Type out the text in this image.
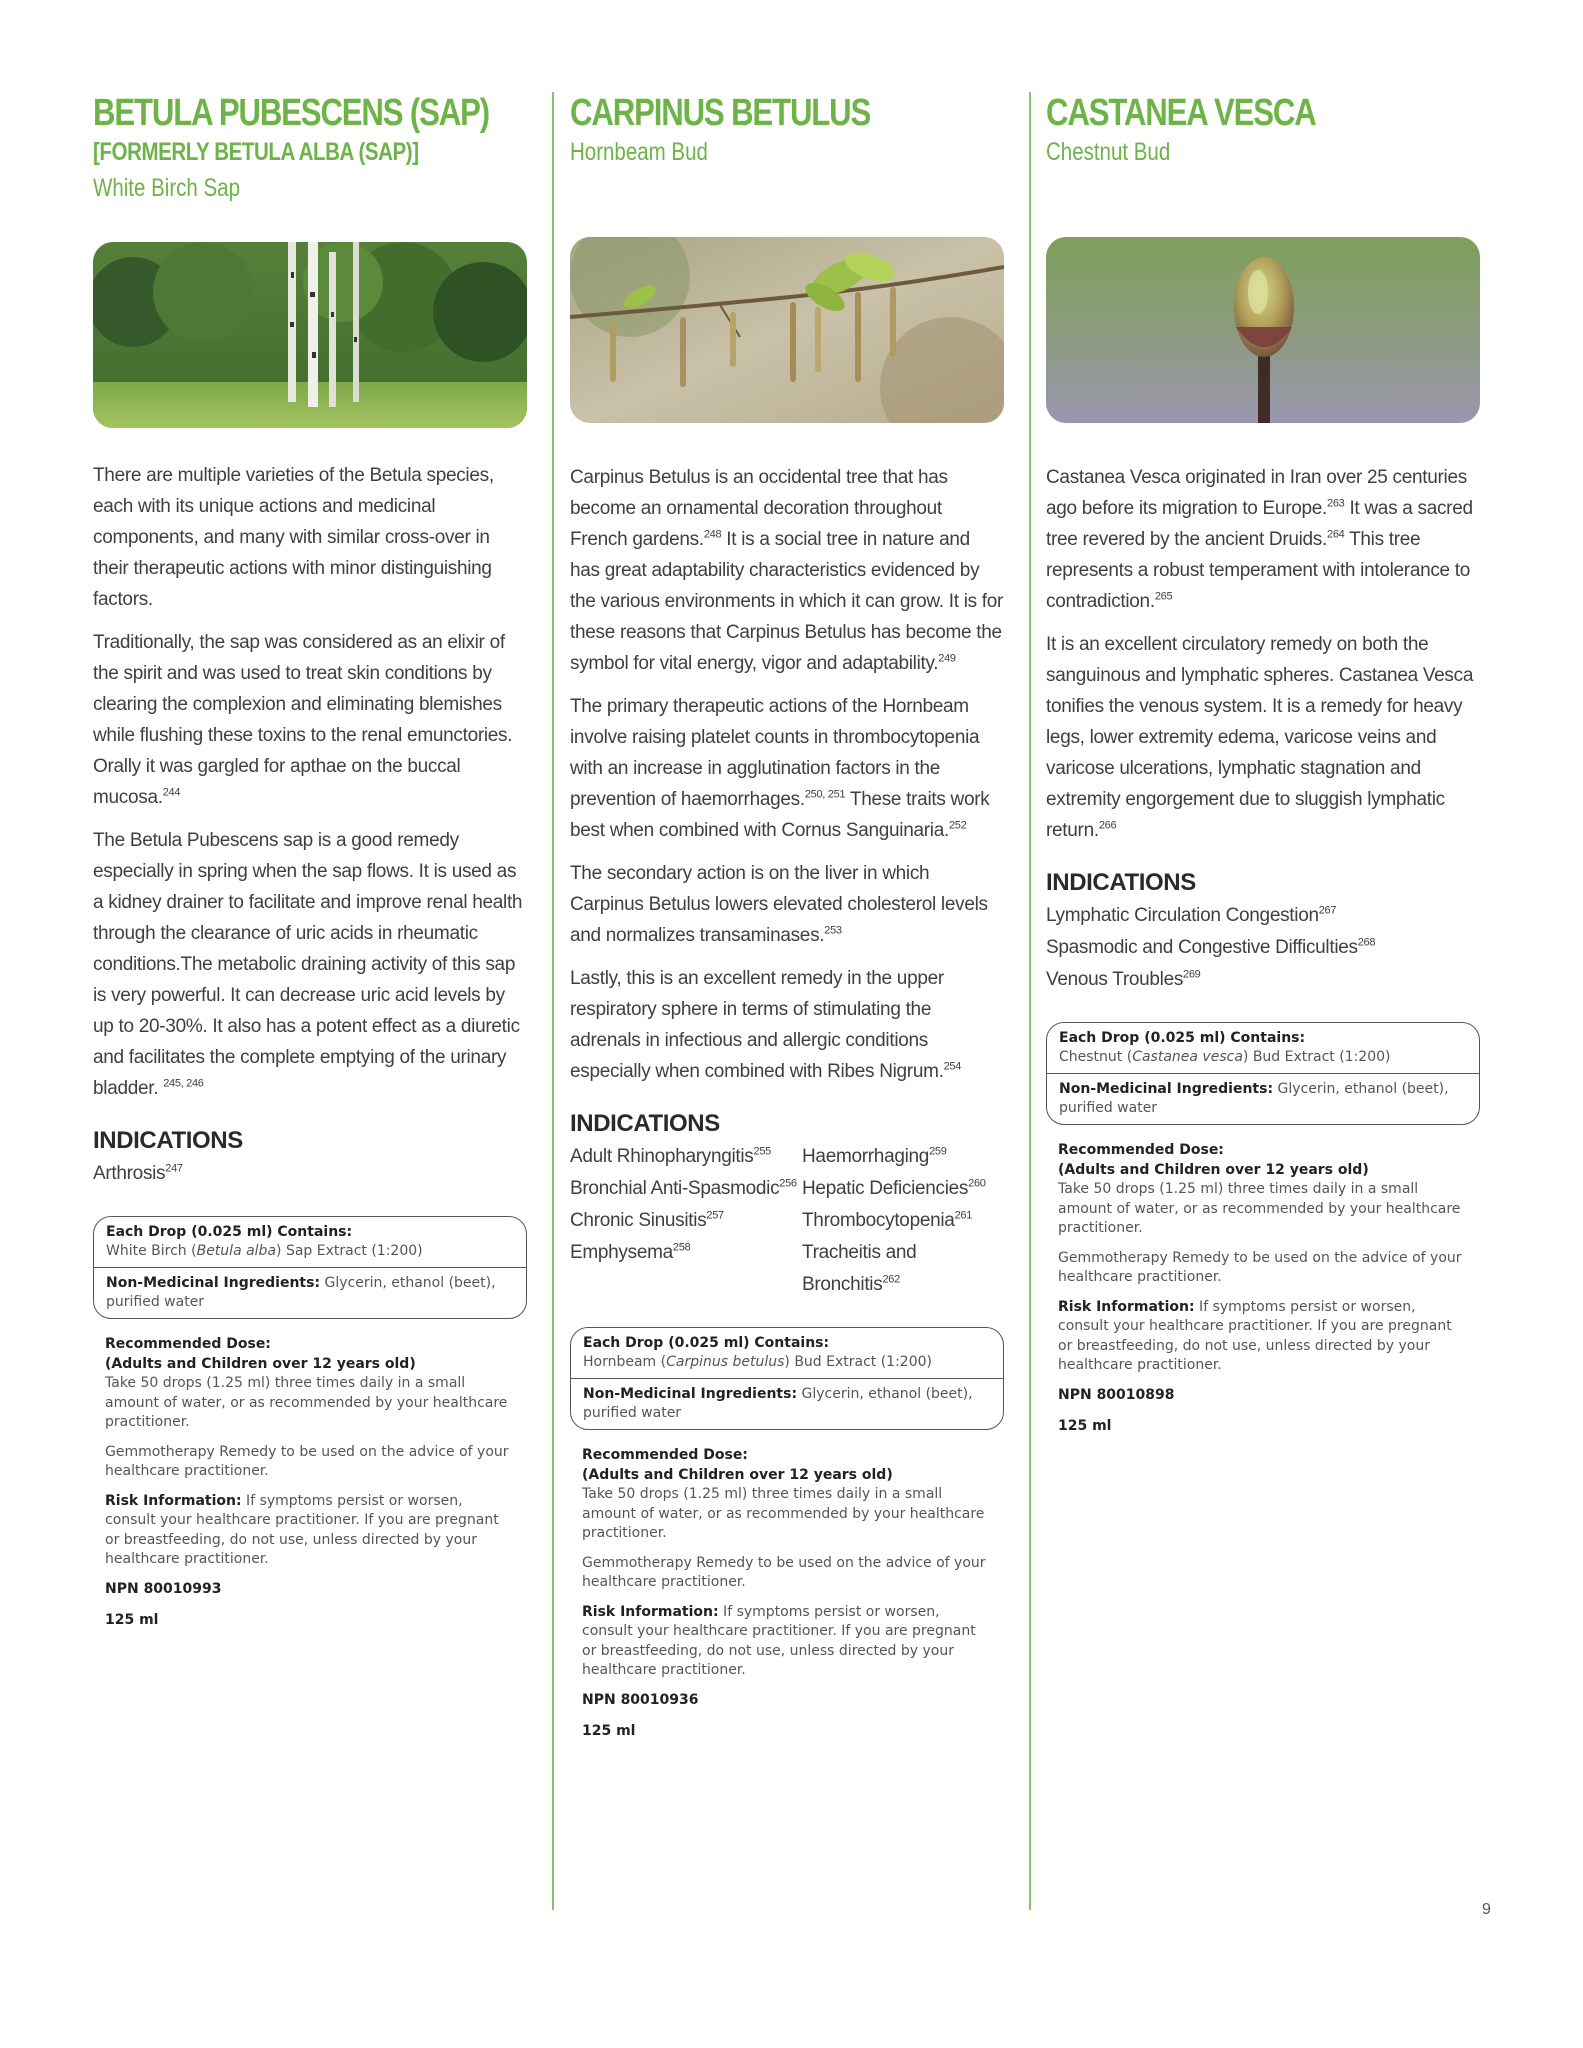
BETULA PUBESCENS (SAP)
[FORMERLY BETULA ALBA (SAP)]
White Birch Sap

There are multiple varieties of the Betula species, each with its unique actions and medicinal components, and many with similar cross-over in their therapeutic actions with minor distinguishing factors.

Traditionally, the sap was considered as an elixir of the spirit and was used to treat skin conditions by clearing the complexion and eliminating blemishes while flushing these toxins to the renal emunctories. Orally it was gargled for apthae on the buccal mucosa.$^{244}$

The Betula Pubescens sap is a good remedy especially in spring when the sap flows. It is used as a kidney drainer to facilitate and improve renal health through the clearance of uric acids in rheumatic conditions.The metabolic draining activity of this sap is very powerful. It can decrease uric acid levels by up to 20-30%. It also has a potent effect as a diuretic and facilitates the complete emptying of the urinary bladder. $^{245, 246}$

INDICATIONS
Arthrosis$^{247}$
Each Drop (0.025 ml) Contains:
White Birch (Betula alba) Sap Extract (1:200)
Non-Medicinal Ingredients: Glycerin, ethanol (beet), purified water

Recommended Dose:
(Adults and Children over 12 years old)
Take 50 drops (1.25 ml) three times daily in a small amount of water, or as recommended by your healthcare practitioner.

Gemmotherapy Remedy to be used on the advice of your healthcare practitioner.

Risk Information: If symptoms persist or worsen, consult your healthcare practitioner. If you are pregnant or breastfeeding, do not use, unless directed by your healthcare practitioner.

NPN 80010993

125 ml

CARPINUS BETULUS
Hornbeam Bud

Carpinus Betulus is an occidental tree that has become an ornamental decoration throughout French gardens.$^{248}$ It is a social tree in nature and has great adaptability characteristics evidenced by the various environments in which it can grow. It is for these reasons that Carpinus Betulus has become the symbol for vital energy, vigor and adaptability.$^{249}$

The primary therapeutic actions of the Hornbeam involve raising platelet counts in thrombocytopenia with an increase in agglutination factors in the prevention of haemorrhages.$^{250, 251}$ These traits work best when combined with Cornus Sanguinaria.$^{252}$

The secondary action is on the liver in which Carpinus Betulus lowers elevated cholesterol levels and normalizes transaminases.$^{253}$

Lastly, this is an excellent remedy in the upper respiratory sphere in terms of stimulating the adrenals in infectious and allergic conditions especially when combined with Ribes Nigrum.$^{254}$

INDICATIONS
Adult Rhinopharyngitis$^{255}$	Haemorrhaging$^{259}$
Bronchial Anti-Spasmodic$^{256}$ Hepatic Deficiencies$^{260}$
Chronic Sinusitis$^{257}$	Thrombocytopenia$^{261}$
Emphysema$^{258}$	Tracheitis and Bronchitis$^{262}$
Each Drop (0.025 ml) Contains:
Hornbeam (Carpinus betulus) Bud Extract (1:200)
Non-Medicinal Ingredients: Glycerin, ethanol (beet), purified water

Recommended Dose:
(Adults and Children over 12 years old)
Take 50 drops (1.25 ml) three times daily in a small amount of water, or as recommended by your healthcare practitioner.

Gemmotherapy Remedy to be used on the advice of your healthcare practitioner.

Risk Information: If symptoms persist or worsen, consult your healthcare practitioner. If you are pregnant or breastfeeding, do not use, unless directed by your healthcare practitioner.

NPN 80010936

125 ml

CASTANEA VESCA
Chestnut Bud

Castanea Vesca originated in Iran over 25 centuries ago before its migration to Europe.$^{263}$ It was a sacred tree revered by the ancient Druids.$^{264}$ This tree represents a robust temperament with intolerance to contradiction.$^{265}$

It is an excellent circulatory remedy on both the sanguinous and lymphatic spheres. Castanea Vesca tonifies the venous system. It is a remedy for heavy legs, lower extremity edema, varicose veins and varicose ulcerations, lymphatic stagnation and extremity engorgement due to sluggish lymphatic return.$^{266}$

INDICATIONS
Lymphatic Circulation Congestion$^{267}$
Spasmodic and Congestive Difficulties$^{268}$
Venous Troubles$^{269}$
Each Drop (0.025 ml) Contains:
Chestnut (Castanea vesca) Bud Extract (1:200)
Non-Medicinal Ingredients: Glycerin, ethanol (beet), purified water

Recommended Dose:
(Adults and Children over 12 years old)
Take 50 drops (1.25 ml) three times daily in a small amount of water, or as recommended by your healthcare practitioner.

Gemmotherapy Remedy to be used on the advice of your healthcare practitioner.

Risk Information: If symptoms persist or worsen, consult your healthcare practitioner. If you are pregnant or breastfeeding, do not use, unless directed by your healthcare practitioner.

NPN 80010898

125 ml

9
